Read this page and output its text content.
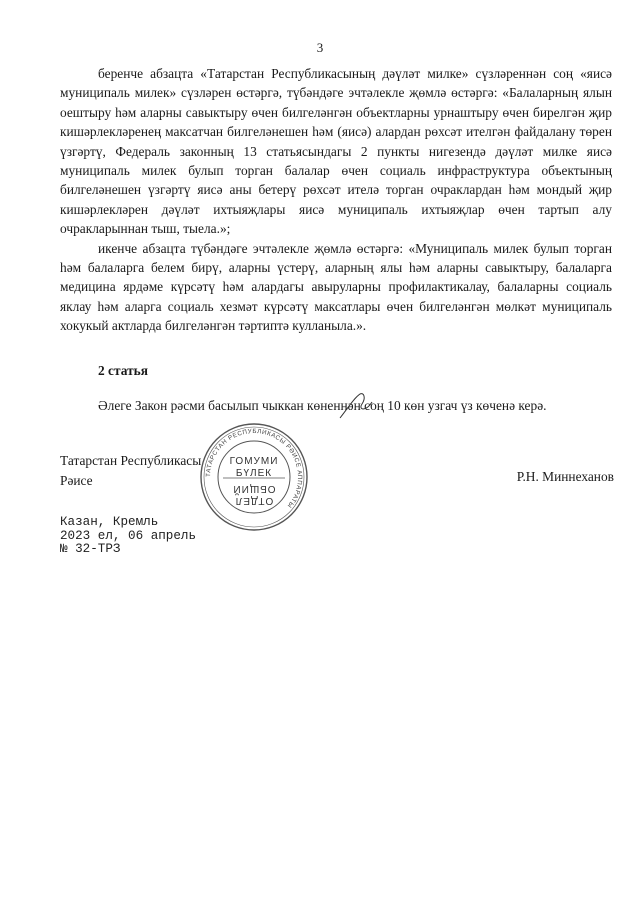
3

беренче абзацта «Татарстан Республикасының дәүләт милке» сүзләреннән соң «яисә муниципаль милек» сүзләрен өстәргә, түбәндәге эчтәлекле җөмлә өстәргә: «Балаларның ялын оештыру һәм аларны савыктыру өчен билгеләнгән объектларны урнаштыру өчен бирелгән җир кишәрлекләренең максатчан билгеләнешен һәм (яисә) алардан рөхсәт ителгән файдалану төрен үзгәртү, Федераль законның 13 статьясындагы 2 пункты нигезендә дәүләт милке яисә муниципаль милек булып торган балалар өчен социаль инфраструктура объектының билгеләнешен үзгәртү яисә аны бетерү рөхсәт ителә торган очраклардан һәм мондый җир кишәрлекләрен дәүләт ихтыяҗлары яисә муниципаль ихтыяҗлар өчен тартып алу очракларыннан тыш, тыела.»;

икенче абзацта түбәндәге эчтәлекле җөмлә өстәргә: «Муниципаль милек булып торган һәм балаларга белем бирү, аларны үстерү, аларның ялы һәм аларны савыктыру, балаларга медицина ярдәме күрсәтү һәм алардагы авыруларны профилактикалау, балаларны социаль яклау һәм аларга социаль хезмәт күрсәтү максатлары өчен билгеләнгән мөлкәт муниципаль хокукый актларда билгеләнгән тәртиптә кулланыла.».

2 статья
Әлеге Закон рәсми басылып чыккан көненнән соң 10 көн узгач үз көченә керә.
Татарстан Республикасы
Рәисе	Р.Н. Миннеханов
ТАТАРСТАН РЕСПУБЛИКАСЫ РӘИСЕ АППАРАТЫ
ГОМУМИ
БҮЛЕК
ОБЩИЙ
ОТДЕЛ
Казан, Кремль
2023 ел, 06 апрель
№ 32-ТРЗ
